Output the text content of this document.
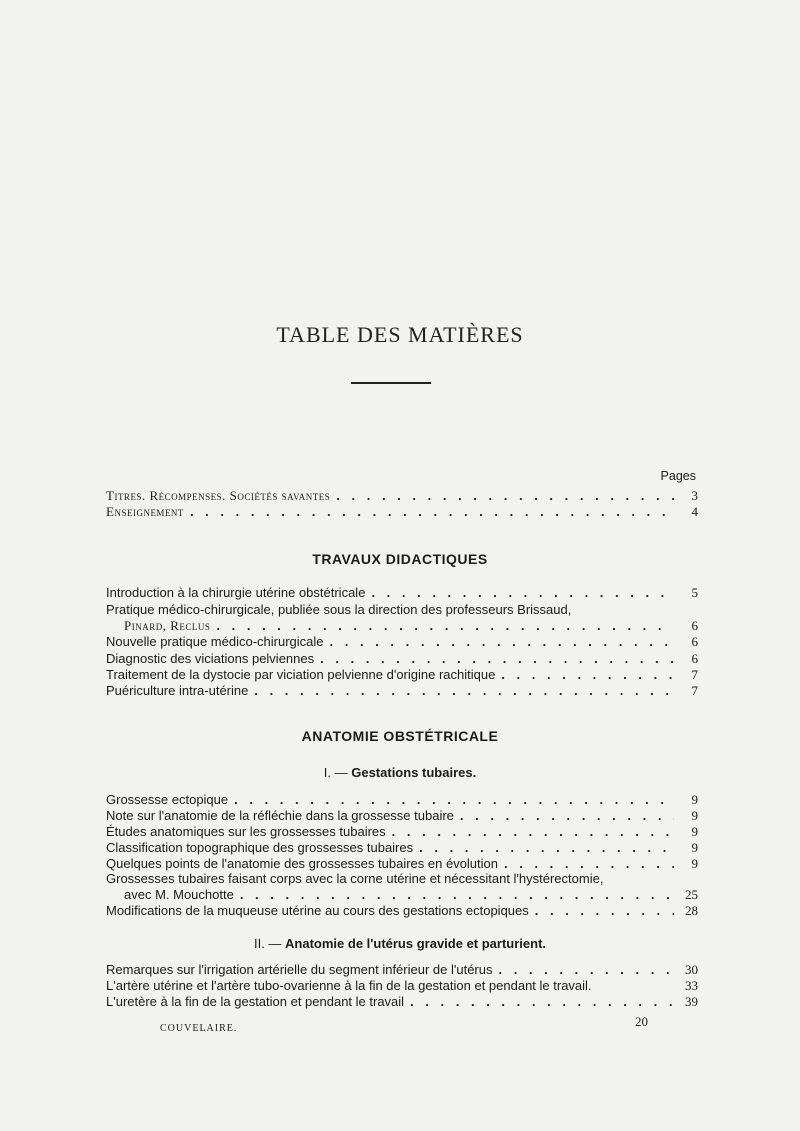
TABLE DES MATIÈRES
Pages
Titres. Récompenses. Sociétés savantes . . .	3
Enseignement . . .	4
TRAVAUX DIDACTIQUES
Introduction à la chirurgie utérine obstétricale . . .	5
Pratique médico-chirurgicale, publiée sous la direction des professeurs Brissaud,
Pinard, Reclus . . .	6
Nouvelle pratique médico-chirurgicale . . .	6
Diagnostic des viciations pelviennes . . .	6
Traitement de la dystocie par viciation pelvienne d'origine rachitique . . .	7
Puériculture intra-utérine . . .	7
ANATOMIE OBSTÉTRICALE
I. — Gestations tubaires.
Grossesse ectopique . . .	9
Note sur l'anatomie de la réfléchie dans la grossesse tubaire . . .	9
Études anatomiques sur les grossesses tubaires . . .	9
Classification topographique des grossesses tubaires . . .	9
Quelques points de l'anatomie des grossesses tubaires en évolution . . .	9
Grossesses tubaires faisant corps avec la corne utérine et nécessitant l'hystérectomie,
avec M. Mouchotte . . .	25
Modifications de la muqueuse utérine au cours des gestations ectopiques . . .	28
II. — Anatomie de l'utérus gravide et parturient.
Remarques sur l'irrigation artérielle du segment inférieur de l'utérus . . .	30
L'artère utérine et l'artère tubo-ovarienne à la fin de la gestation et pendant le travail.	33
L'uretère à la fin de la gestation et pendant le travail . . .	39
COUVELAIRE.	20
